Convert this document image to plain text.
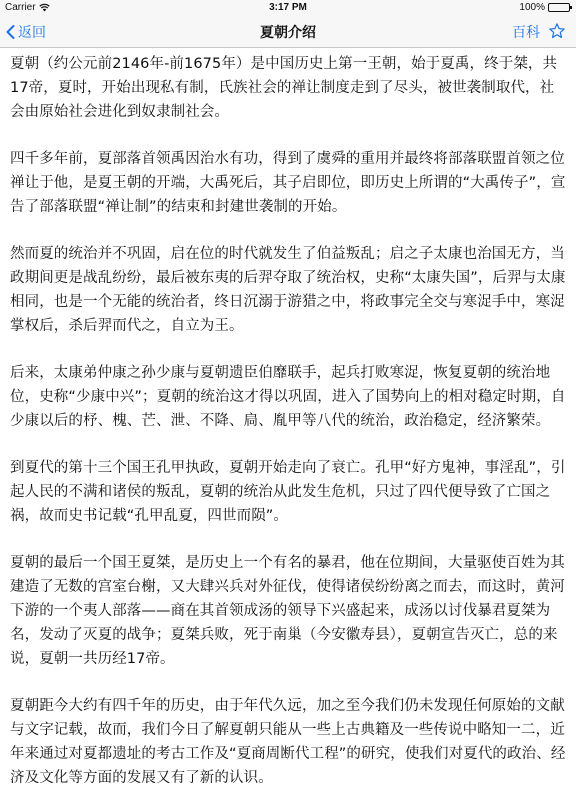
Carrier	3:17 PM	100%
返回	夏朝介绍	百科

夏朝（约公元前2146年-前1675年）是中国历史上第一王朝，始于夏禹，终于桀，共17帝，夏时，开始出现私有制，氏族社会的禅让制度走到了尽头，被世袭制取代，社会由原始社会进化到奴隶制社会。

四千多年前，夏部落首领禹因治水有功，得到了虞舜的重用并最终将部落联盟首领之位禅让于他，是夏王朝的开端，大禹死后，其子启即位，即历史上所谓的“大禹传子”，宣告了部落联盟“禅让制”的结束和封建世袭制的开始。

然而夏的统治并不巩固，启在位的时代就发生了伯益叛乱；启之子太康也治国无方，当政期间更是战乱纷纷，最后被东夷的后羿夺取了统治权，史称“太康失国”，后羿与太康相同，也是一个无能的统治者，终日沉溺于游猎之中，将政事完全交与寒浞手中，寒浞掌权后，杀后羿而代之，自立为王。

后来，太康弟仲康之孙少康与夏朝遗臣伯靡联手，起兵打败寒浞，恢复夏朝的统治地位，史称“少康中兴”；夏朝的统治这才得以巩固，进入了国势向上的相对稳定时期，自少康以后的杼、槐、芒、泄、不降、扃、胤甲等八代的统治，政治稳定，经济繁荣。

到夏代的第十三个国王孔甲执政，夏朝开始走向了衰亡。孔甲“好方鬼神，事淫乱”，引起人民的不满和诸侯的叛乱，夏朝的统治从此发生危机，只过了四代便导致了亡国之祸，故而史书记载“孔甲乱夏，四世而陨”。

夏朝的最后一个国王夏桀，是历史上一个有名的暴君，他在位期间，大量驱使百姓为其建造了无数的宫室台榭，又大肆兴兵对外征伐，使得诸侯纷纷离之而去，而这时，黄河下游的一个夷人部落——商在其首领成汤的领导下兴盛起来，成汤以讨伐暴君夏桀为名，发动了灭夏的战争；夏桀兵败，死于南巢（今安徽寿县），夏朝宣告灭亡，总的来说，夏朝一共历经17帝。

夏朝距今大约有四千年的历史，由于年代久远，加之至今我们仍未发现任何原始的文献与文字记载，故而，我们今日了解夏朝只能从一些上古典籍及一些传说中略知一二，近年来通过对夏都遗址的考古工作及“夏商周断代工程”的研究，使我们对夏代的政治、经济及文化等方面的发展又有了新的认识。
